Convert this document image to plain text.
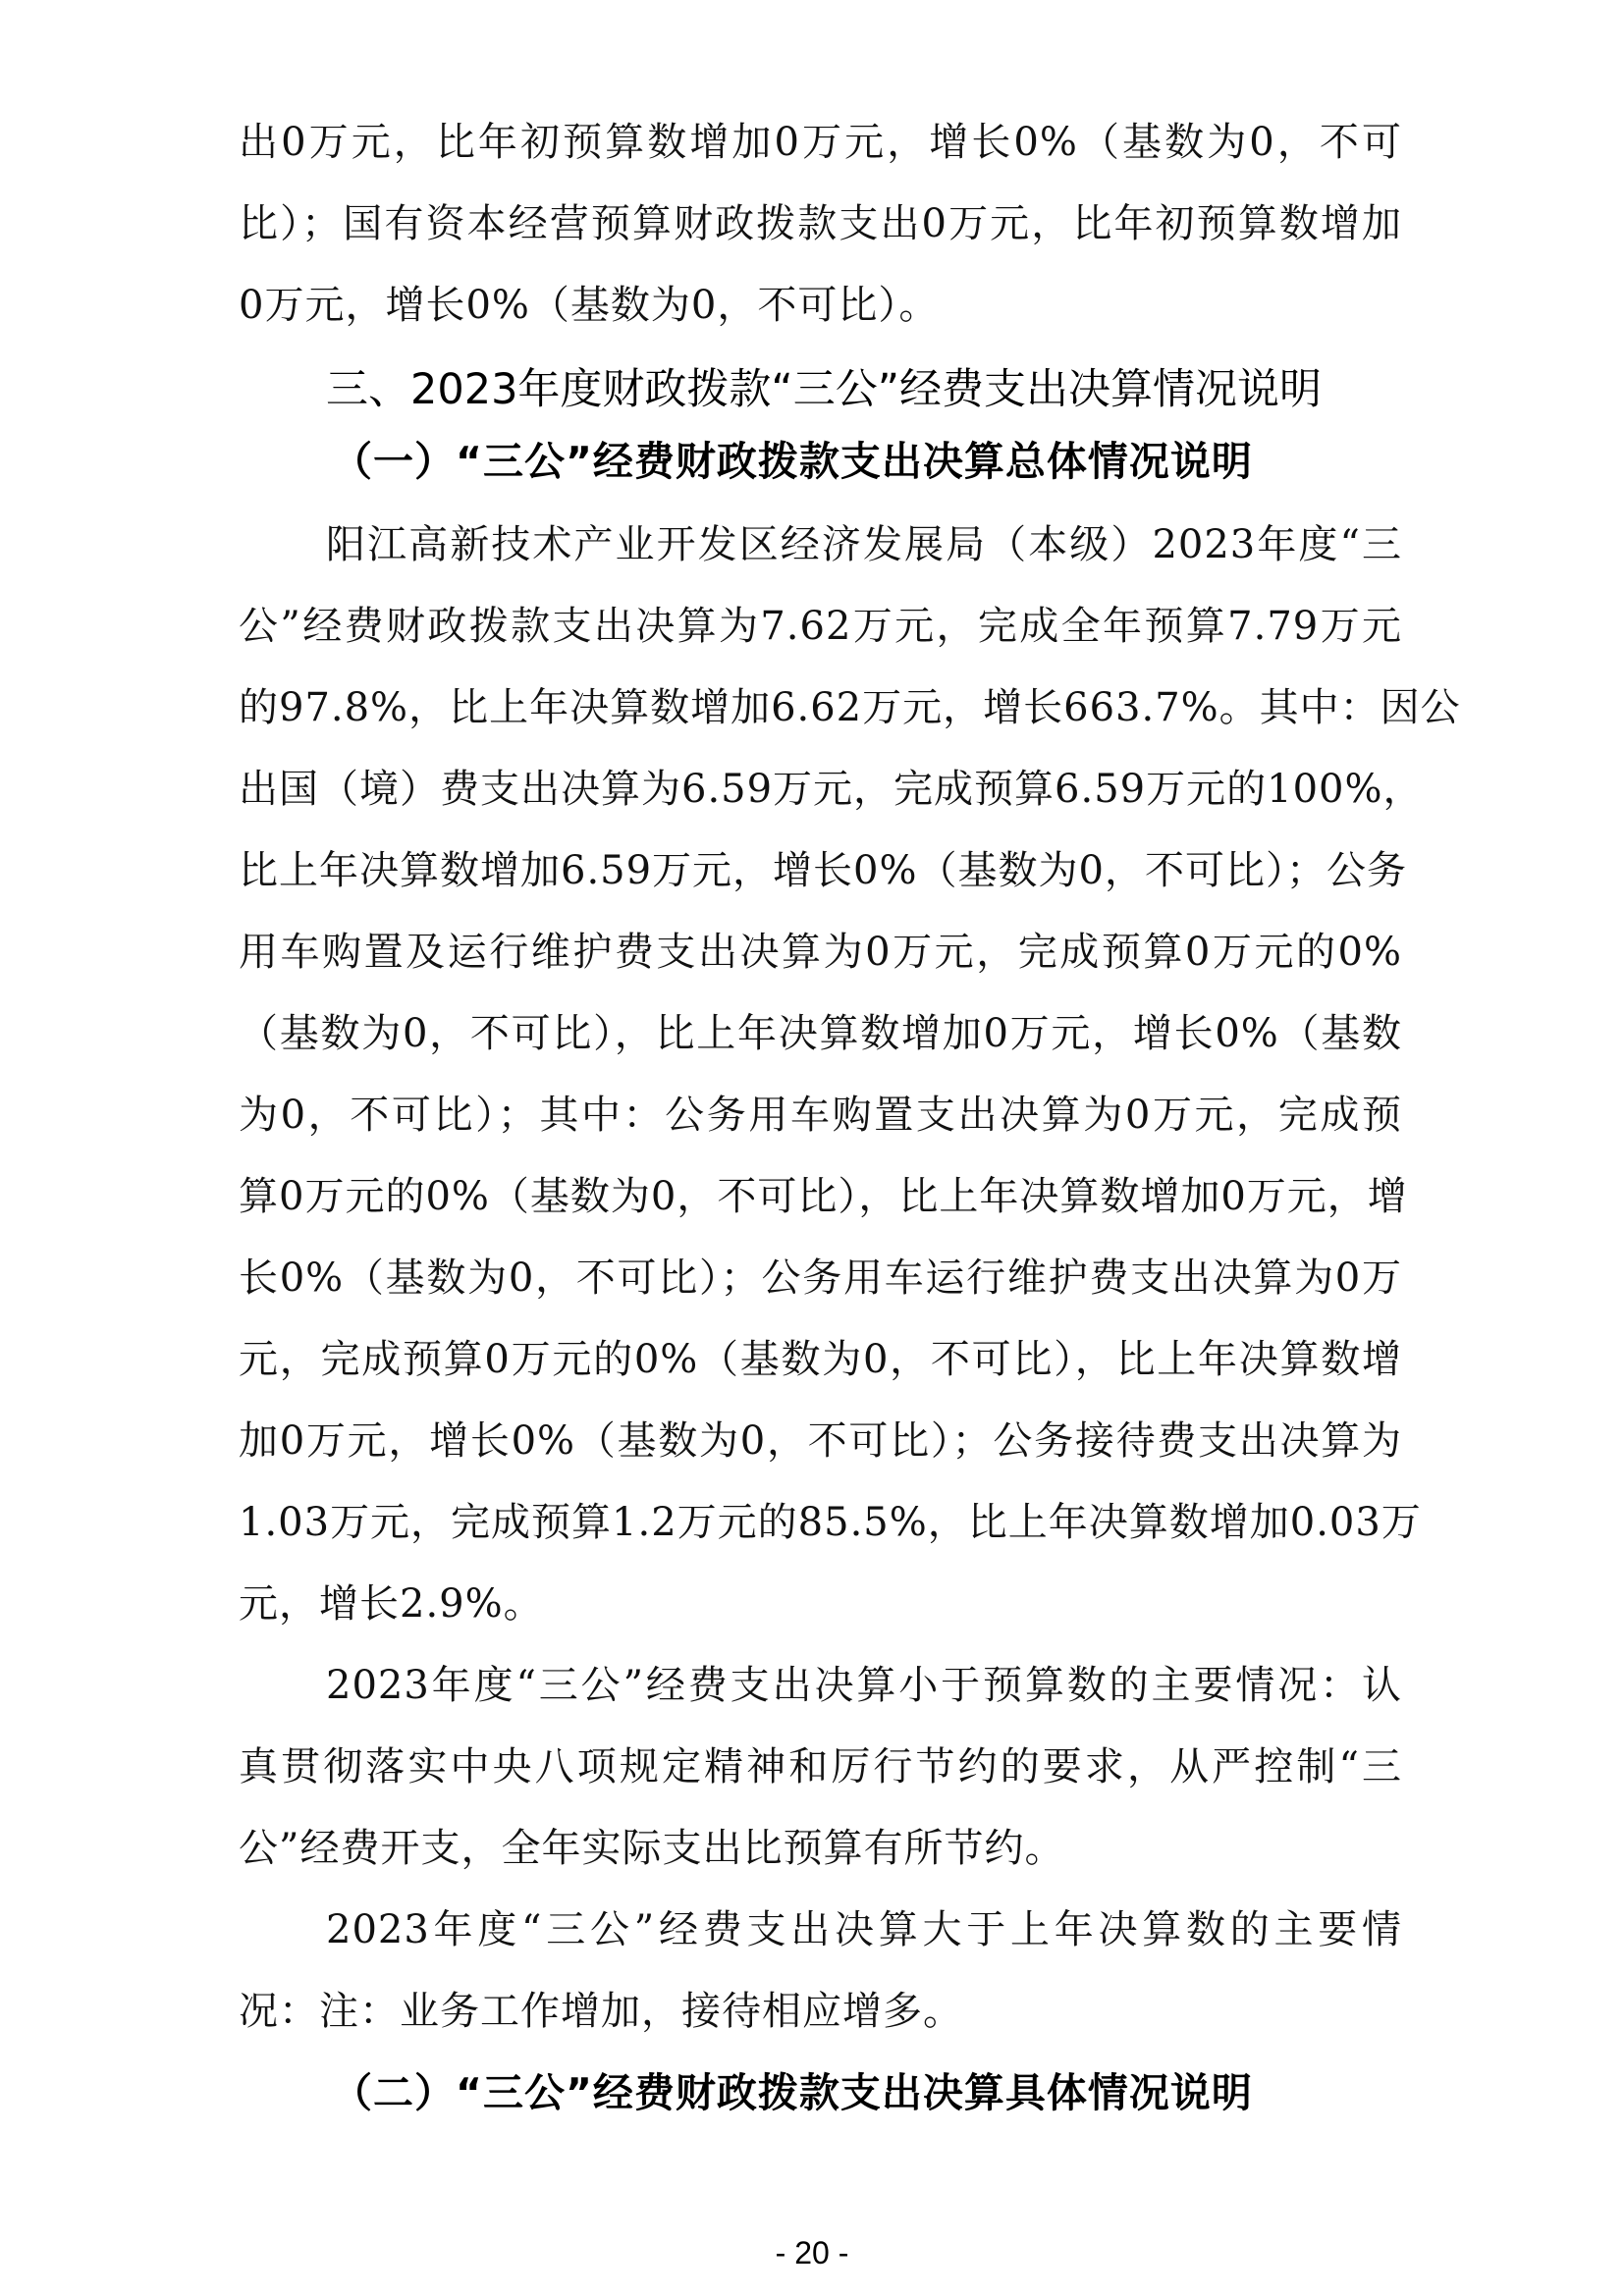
出0万元，比年初预算数增加0万元，增长0%（基数为0，不可
比）；国有资本经营预算财政拨款支出0万元，比年初预算数增加
0万元，增长0%（基数为0，不可比）。
三、2023年度财政拨款“三公”经费支出决算情况说明
（一）“三公”经费财政拨款支出决算总体情况说明
阳江高新技术产业开发区经济发展局（本级）2023年度“三
公”经费财政拨款支出决算为7.62万元，完成全年预算7.79万元
的97.8%，比上年决算数增加6.62万元，增长663.7%。其中：因公
出国（境）费支出决算为6.59万元，完成预算6.59万元的100%，
比上年决算数增加6.59万元，增长0%（基数为0，不可比）；公务
用车购置及运行维护费支出决算为0万元，完成预算0万元的0%
（基数为0，不可比），比上年决算数增加0万元，增长0%（基数
为0，不可比）；其中：公务用车购置支出决算为0万元，完成预
算0万元的0%（基数为0，不可比），比上年决算数增加0万元，增
长0%（基数为0，不可比）；公务用车运行维护费支出决算为0万
元，完成预算0万元的0%（基数为0，不可比），比上年决算数增
加0万元，增长0%（基数为0，不可比）；公务接待费支出决算为
1.03万元，完成预算1.2万元的85.5%，比上年决算数增加0.03万
元，增长2.9%。
2023年度“三公”经费支出决算小于预算数的主要情况：认
真贯彻落实中央八项规定精神和厉行节约的要求，从严控制“三
公”经费开支，全年实际支出比预算有所节约。
2023年度“三公”经费支出决算大于上年决算数的主要情
况：注：业务工作增加，接待相应增多。
（二）“三公”经费财政拨款支出决算具体情况说明
- 20 -
